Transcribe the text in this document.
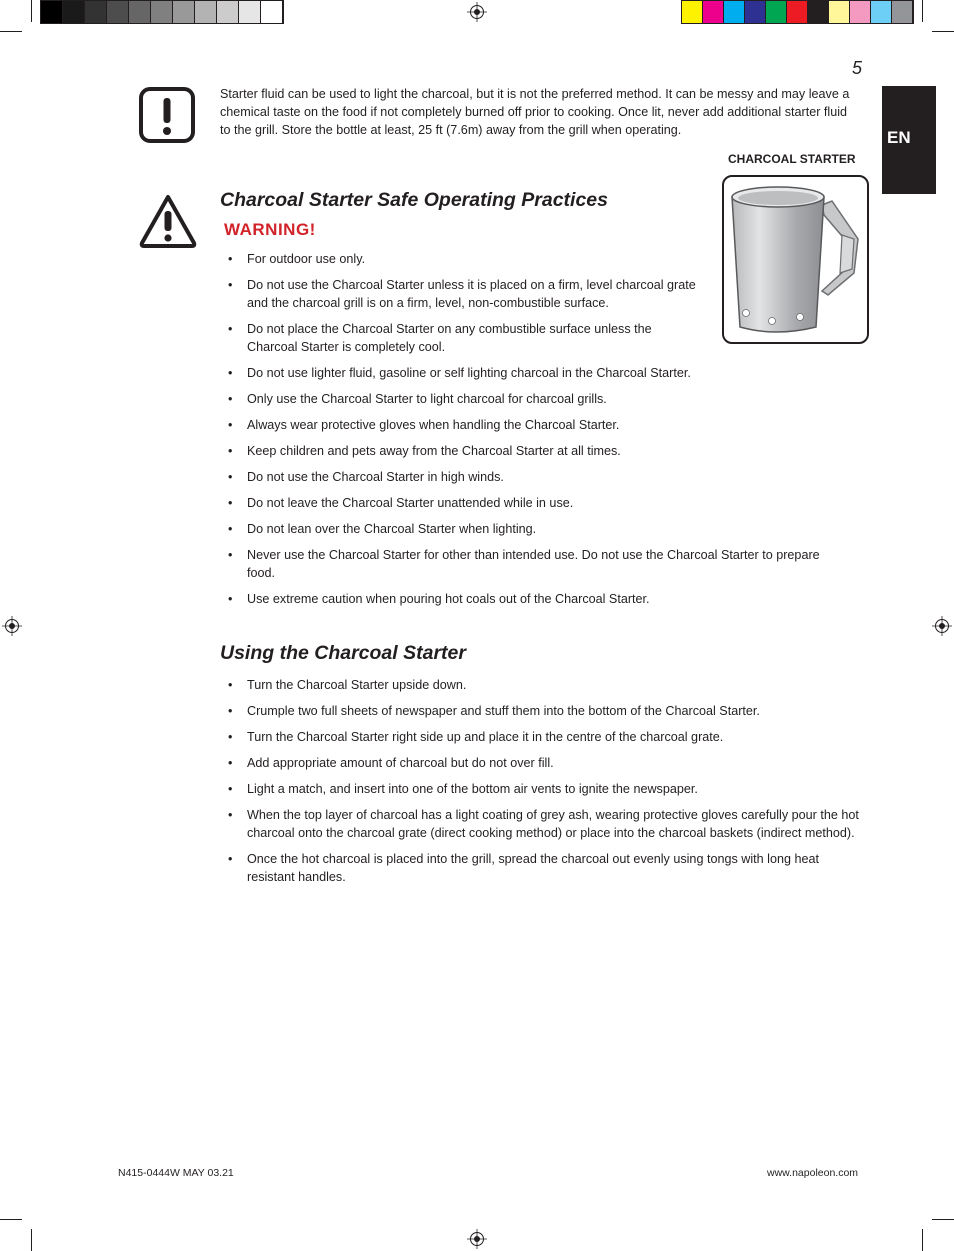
5
EN
Starter fluid can be used to light the charcoal, but it is not the preferred method. It can be messy and may leave a chemical taste on the food if not completely burned off prior to cooking. Once lit, never add additional starter fluid to the grill. Store the bottle at least, 25 ft (7.6m) away from the grill when operating.
CHARCOAL STARTER
Charcoal Starter Safe Operating Practices
WARNING!
• For outdoor use only.
• Do not use the Charcoal Starter unless it is placed on a firm, level charcoal grate and the charcoal grill is on a firm, level, non-combustible surface.
• Do not place the Charcoal Starter on any combustible surface unless the Charcoal Starter is completely cool.
• Do not use lighter fluid, gasoline or self lighting charcoal in the Charcoal Starter.
• Only use the Charcoal Starter to light charcoal for charcoal grills.
• Always wear protective gloves when handling the Charcoal Starter.
• Keep children and pets away from the Charcoal Starter at all times.
• Do not use the Charcoal Starter in high winds.
• Do not leave the Charcoal Starter unattended while in use.
• Do not lean over the Charcoal Starter when lighting.
• Never use the Charcoal Starter for other than intended use. Do not use the Charcoal Starter to prepare food.
• Use extreme caution when pouring hot coals out of the Charcoal Starter.
Using the Charcoal Starter
• Turn the Charcoal Starter upside down.
• Crumple two full sheets of newspaper and stuff them into the bottom of the Charcoal Starter.
• Turn the Charcoal Starter right side up and place it in the centre of the charcoal grate.
• Add appropriate amount of charcoal but do not over fill.
• Light a match, and insert into one of the bottom air vents to ignite the newspaper.
• When the top layer of charcoal has a light coating of grey ash, wearing protective gloves carefully pour the hot charcoal onto the charcoal grate (direct cooking method) or place into the charcoal baskets (indirect method).
• Once the hot charcoal is placed into the grill, spread the charcoal out evenly using tongs with long heat resistant handles.
N415-0444W MAY 03.21	www.napoleon.com
